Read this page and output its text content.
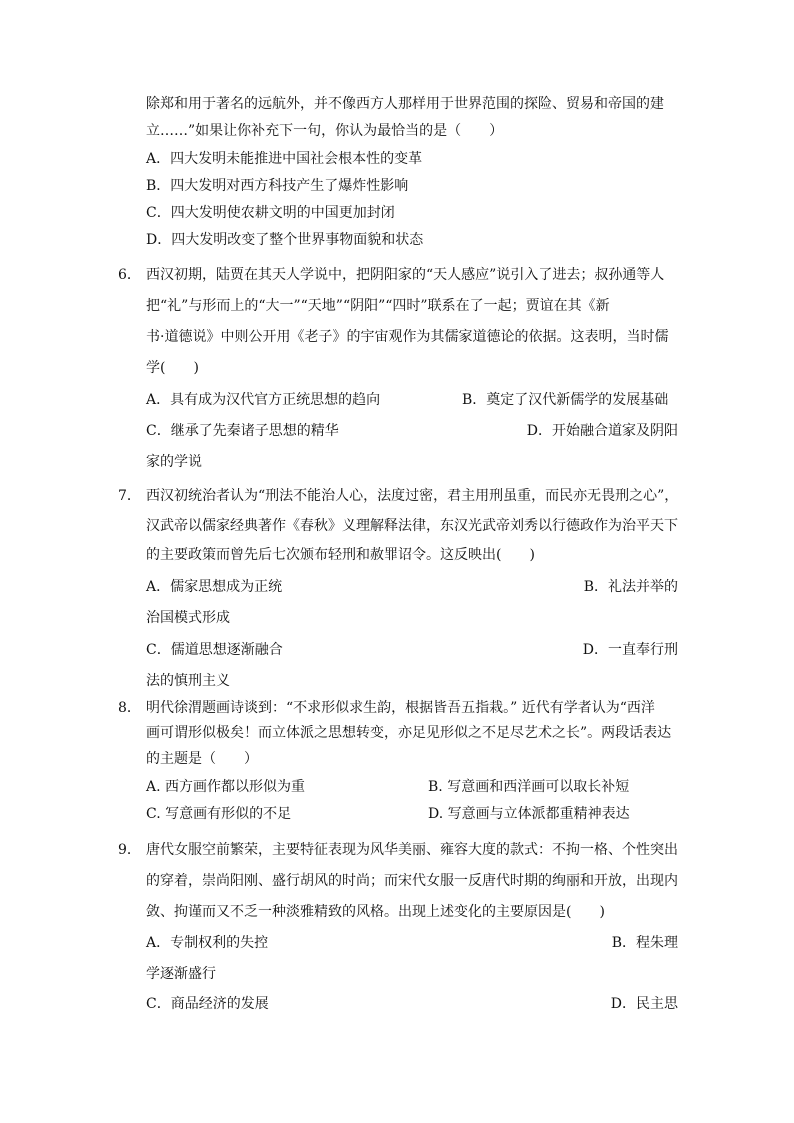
除郑和用于著名的远航外，并不像西方人那样用于世界范围的探险、贸易和帝国的建
立……”如果让你补充下一句，你认为最恰当的是（　　）
A．四大发明未能推进中国社会根本性的变革
B．四大发明对西方科技产生了爆炸性影响
C．四大发明使农耕文明的中国更加封闭
D．四大发明改变了整个世界事物面貌和状态
6． 西汉初期，陆贾在其天人学说中，把阴阳家的“天人感应”说引入了进去；叔孙通等人
把“礼”与形而上的“大一”“天地”“阴阳”“四时”联系在了一起；贾谊在其《新
书·道德说》中则公开用《老子》的宇宙观作为其儒家道德论的依据。这表明，当时儒
学(　　)
A．具有成为汉代官方正统思想的趋向	B．奠定了汉代新儒学的发展基础
C．继承了先秦诸子思想的精华	D．开始融合道家及阴阳
家的学说
7． 西汉初统治者认为“刑法不能治人心，法度过密，君主用刑虽重，而民亦无畏刑之心”，
汉武帝以儒家经典著作《春秋》义理解释法律，东汉光武帝刘秀以行德政作为治平天下
的主要政策而曾先后七次颁布轻刑和赦罪诏令。这反映出(　　)
A．儒家思想成为正统	B．礼法并举的
治国模式形成
C．儒道思想逐渐融合	D．一直奉行刑
法的慎刑主义
8． 明代徐渭题画诗谈到：“不求形似求生韵，根据皆吾五指栽。” 近代有学者认为“西洋
画可谓形似极矣！而立体派之思想转变，亦足见形似之不足尽艺术之长”。两段话表达
的主题是（　　）
A. 西方画作都以形似为重	B. 写意画和西洋画可以取长补短
C. 写意画有形似的不足	D. 写意画与立体派都重精神表达
9． 唐代女服空前繁荣，主要特征表现为风华美丽、雍容大度的款式：不拘一格、个性突出
的穿着，崇尚阳刚、盛行胡风的时尚；而宋代女服一反唐代时期的绚丽和开放，出现内
敛、拘谨而又不乏一种淡雅精致的风格。出现上述变化的主要原因是(　　)
A．专制权利的失控	B．程朱理
学逐渐盛行
C．商品经济的发展	D．民主思
